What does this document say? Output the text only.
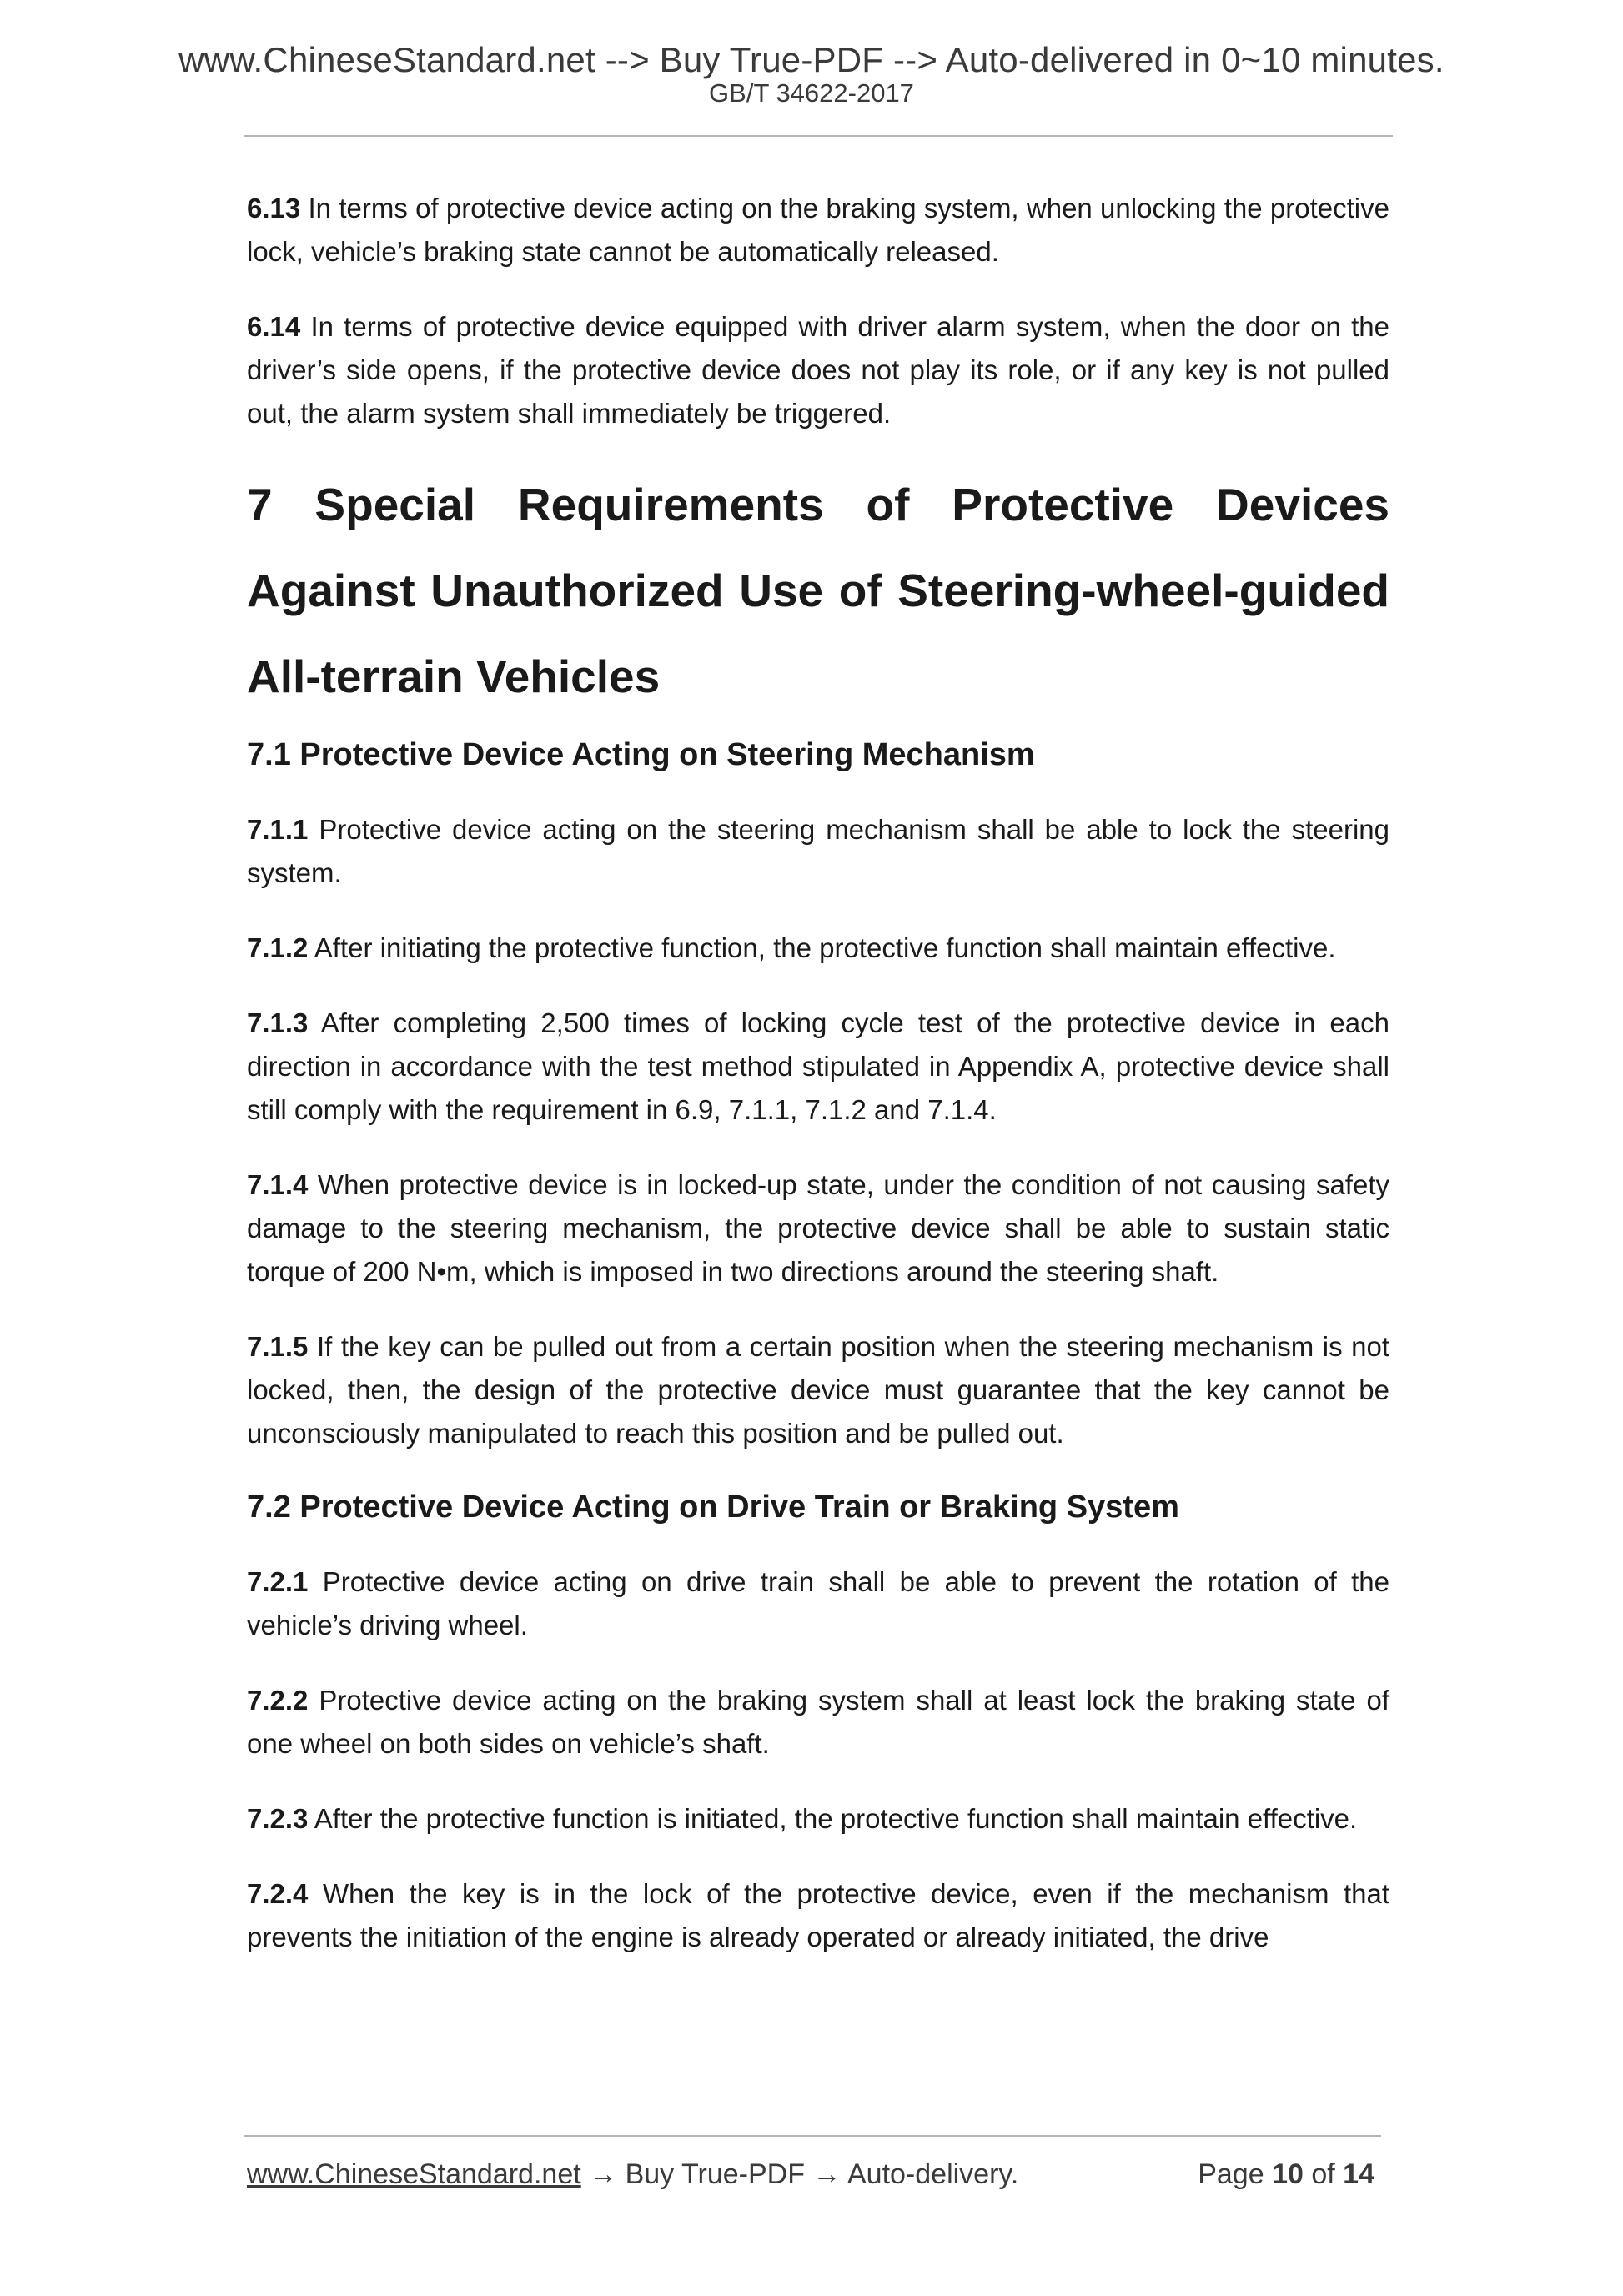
www.ChineseStandard.net --> Buy True-PDF --> Auto-delivered in 0~10 minutes.
GB/T 34622-2017

6.13 In terms of protective device acting on the braking system, when unlocking the protective lock, vehicle’s braking state cannot be automatically released.

6.14 In terms of protective device equipped with driver alarm system, when the door on the driver’s side opens, if the protective device does not play its role, or if any key is not pulled out, the alarm system shall immediately be triggered.

7 Special Requirements of Protective Devices Against Unauthorized Use of Steering-wheel-guided All-terrain Vehicles
7.1 Protective Device Acting on Steering Mechanism

7.1.1 Protective device acting on the steering mechanism shall be able to lock the steering system.

7.1.2 After initiating the protective function, the protective function shall maintain effective.

7.1.3 After completing 2,500 times of locking cycle test of the protective device in each direction in accordance with the test method stipulated in Appendix A, protective device shall still comply with the requirement in 6.9, 7.1.1, 7.1.2 and 7.1.4.

7.1.4 When protective device is in locked-up state, under the condition of not causing safety damage to the steering mechanism, the protective device shall be able to sustain static torque of 200 N•m, which is imposed in two directions around the steering shaft.

7.1.5 If the key can be pulled out from a certain position when the steering mechanism is not locked, then, the design of the protective device must guarantee that the key cannot be unconsciously manipulated to reach this position and be pulled out.

7.2 Protective Device Acting on Drive Train or Braking System

7.2.1 Protective device acting on drive train shall be able to prevent the rotation of the vehicle’s driving wheel.

7.2.2 Protective device acting on the braking system shall at least lock the braking state of one wheel on both sides on vehicle’s shaft.

7.2.3 After the protective function is initiated, the protective function shall maintain effective.

7.2.4 When the key is in the lock of the protective device, even if the mechanism that prevents the initiation of the engine is already operated or already initiated, the drive

www.ChineseStandard.net → Buy True-PDF → Auto-delivery.	Page 10 of 14
